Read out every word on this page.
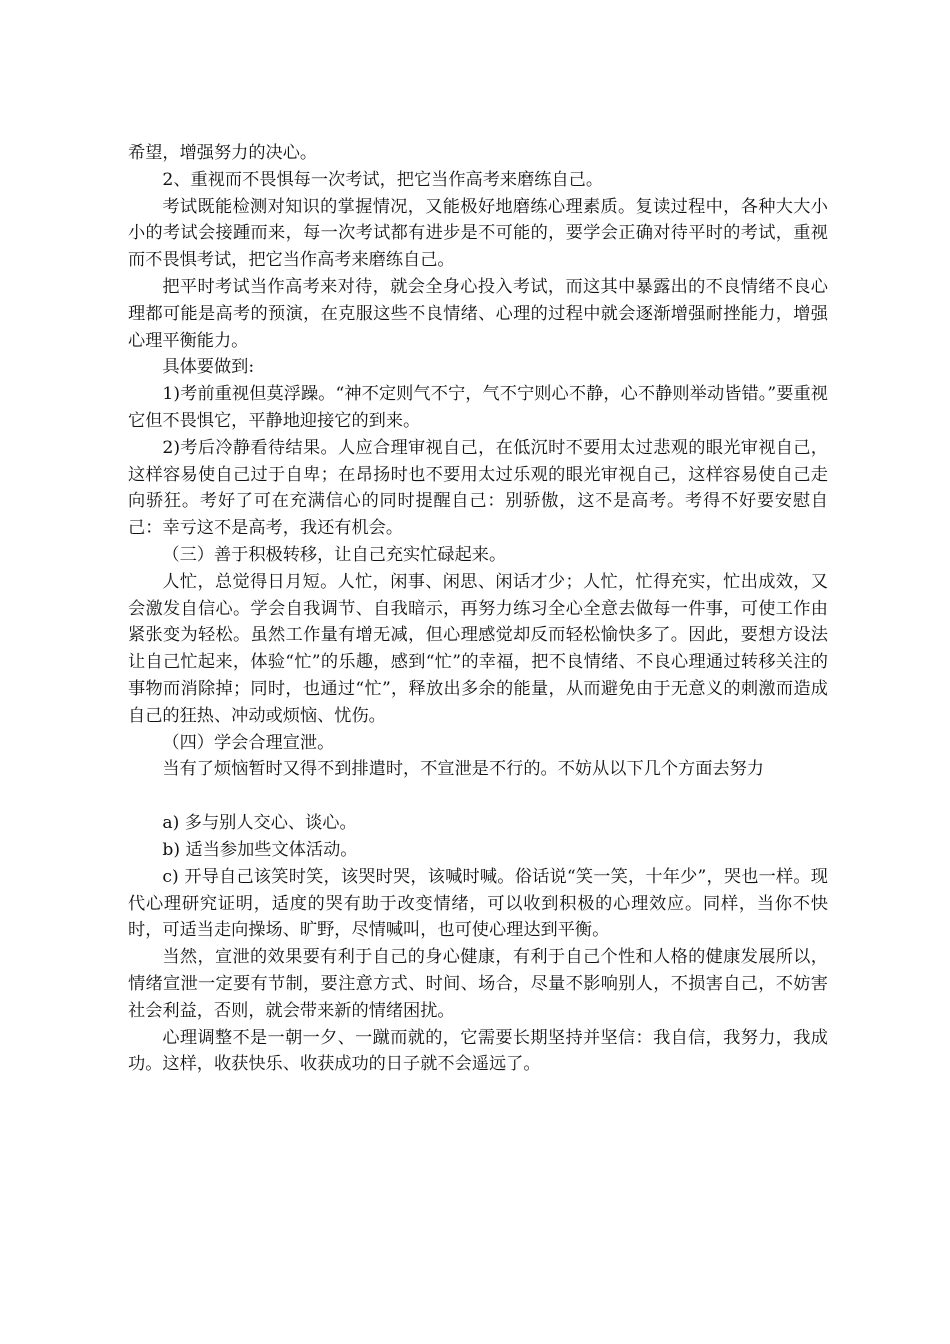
希望，增强努力的决心。

2、重视而不畏惧每一次考试，把它当作高考来磨练自己。

考试既能检测对知识的掌握情况，又能极好地磨练心理素质。复读过程中，各种大大小小的考试会接踵而来，每一次考试都有进步是不可能的，要学会正确对待平时的考试，重视而不畏惧考试，把它当作高考来磨练自己。

把平时考试当作高考来对待，就会全身心投入考试，而这其中暴露出的不良情绪不良心理都可能是高考的预演，在克服这些不良情绪、心理的过程中就会逐渐增强耐挫能力，增强心理平衡能力。

具体要做到:

1)考前重视但莫浮躁。“神不定则气不宁，气不宁则心不静，心不静则举动皆错。”要重视它但不畏惧它，平静地迎接它的到来。

2)考后冷静看待结果。人应合理审视自己，在低沉时不要用太过悲观的眼光审视自己，这样容易使自己过于自卑；在昂扬时也不要用太过乐观的眼光审视自己，这样容易使自己走向骄狂。考好了可在充满信心的同时提醒自己：别骄傲，这不是高考。考得不好要安慰自己：幸亏这不是高考，我还有机会。

（三）善于积极转移，让自己充实忙碌起来。

人忙，总觉得日月短。人忙，闲事、闲思、闲话才少；人忙，忙得充实，忙出成效，又会激发自信心。学会自我调节、自我暗示，再努力练习全心全意去做每一件事，可使工作由紧张变为轻松。虽然工作量有增无减，但心理感觉却反而轻松愉快多了。因此，要想方设法让自己忙起来，体验“忙”的乐趣，感到“忙”的幸福，把不良情绪、不良心理通过转移关注的事物而消除掉；同时，也通过“忙”，释放出多余的能量，从而避免由于无意义的刺激而造成自己的狂热、冲动或烦恼、忧伤。

（四）学会合理宣泄。

当有了烦恼暂时又得不到排遣时，不宣泄是不行的。不妨从以下几个方面去努力

a) 多与别人交心、谈心。

b) 适当参加些文体活动。

c) 开导自己该笑时笑，该哭时哭，该喊时喊。俗话说“笑一笑，十年少”，哭也一样。现代心理研究证明，适度的哭有助于改变情绪，可以收到积极的心理效应。同样，当你不快时，可适当走向操场、旷野，尽情喊叫，也可使心理达到平衡。

当然，宣泄的效果要有利于自己的身心健康，有利于自己个性和人格的健康发展所以，情绪宣泄一定要有节制，要注意方式、时间、场合，尽量不影响别人，不损害自己，不妨害社会利益，否则，就会带来新的情绪困扰。

心理调整不是一朝一夕、一蹴而就的，它需要长期坚持并坚信：我自信，我努力，我成功。这样，收获快乐、收获成功的日子就不会遥远了。
